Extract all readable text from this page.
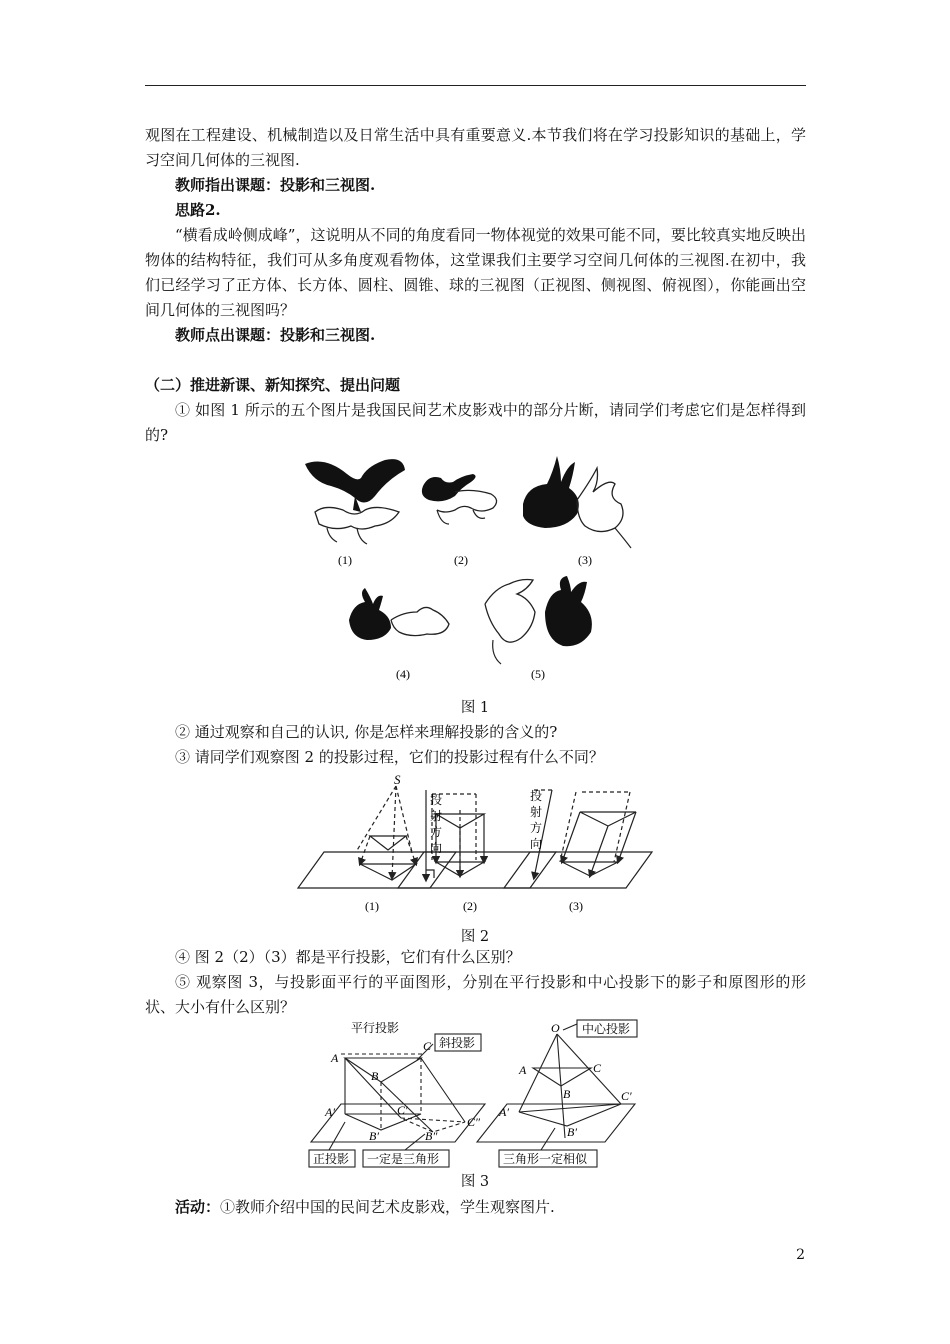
观图在工程建设、机械制造以及日常生活中具有重要意义.本节我们将在学习投影知识的基础上，学习空间几何体的三视图.

教师指出课题：投影和三视图.

思路2.

“横看成岭侧成峰”，这说明从不同的角度看同一物体视觉的效果可能不同，要比较真实地反映出物体的结构特征，我们可从多角度观看物体，这堂课我们主要学习空间几何体的三视图.在初中，我们已经学习了正方体、长方体、圆柱、圆锥、球的三视图（正视图、侧视图、俯视图），你能画出空间几何体的三视图吗？

教师点出课题：投影和三视图.

（二）推进新课、新知探究、提出问题

① 如图 1 所示的五个图片是我国民间艺术皮影戏中的部分片断，请同学们考虑它们是怎样得到的?

(1)	(2)	(3)
(4)	(5)
图 1

② 通过观察和自己的认识, 你是怎样来理解投影的含义的?

③ 请同学们观察图 2 的投影过程，它们的投影过程有什么不同？

S
投
射
方
向
投
射
方
向
(1)	(2)	(3)
图 2

④ 图 2（2）（3）都是平行投影，它们有什么区别？

⑤ 观察图 3，与投影面平行的平面图形，分别在平行投影和中心投影下的影子和原图形的形状、大小有什么区别？

平行投影
斜投影
正投影 一定是三角形
中心投影
三角形一定相似
A
C
B
A′	C′
B′	B″
C″
O
A	C
B
A′
C′
B′
图 3

活动：①教师介绍中国的民间艺术皮影戏，学生观察图片.

2
